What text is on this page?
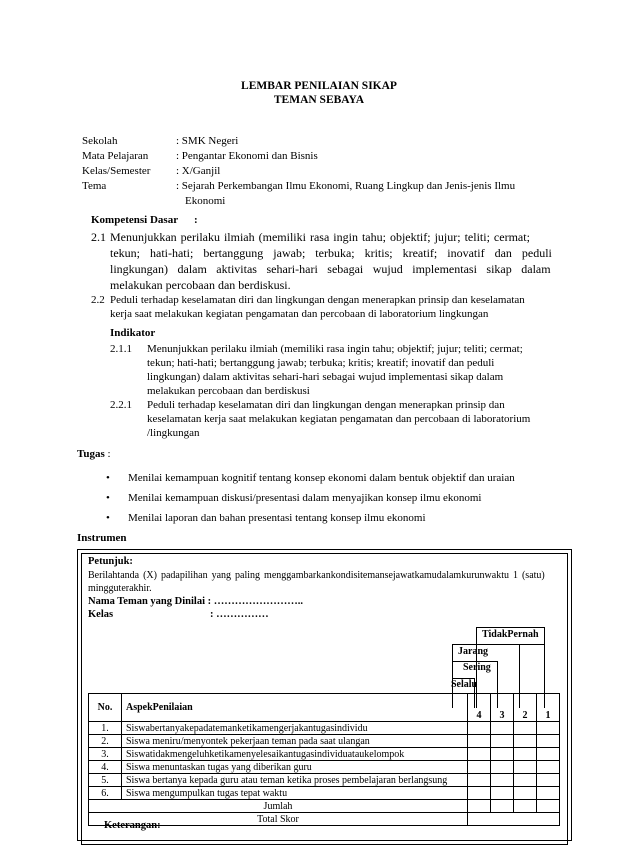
LEMBAR PENILAIAN SIKAP
TEMAN SEBAYA
Sekolah	: SMK Negeri
Mata Pelajaran	: Pengantar Ekonomi dan Bisnis
Kelas/Semester : X/Ganjil
Tema	: Sejarah Perkembangan Ilmu Ekonomi, Ruang Lingkup dan Jenis-jenis Ilmu
Ekonomi
Kompetensi Dasar :
2.1 Menunjukkan perilaku ilmiah (memiliki rasa ingin tahu; objektif; jujur; teliti; cermat;
tekun; hati-hati; bertanggung jawab; terbuka; kritis; kreatif; inovatif dan peduli
lingkungan) dalam aktivitas sehari-hari sebagai wujud implementasi sikap dalam
melakukan percobaan dan berdiskusi.
2.2 Peduli terhadap keselamatan diri dan lingkungan dengan menerapkan prinsip dan keselamatan
kerja saat melakukan kegiatan pengamatan dan percobaan di laboratorium lingkungan
Indikator
2.1.1 Menunjukkan perilaku ilmiah (memiliki rasa ingin tahu; objektif; jujur; teliti; cermat;
tekun; hati-hati; bertanggung jawab; terbuka; kritis; kreatif; inovatif dan peduli
lingkungan) dalam aktivitas sehari-hari sebagai wujud implementasi sikap dalam
melakukan percobaan dan berdiskusi
2.2.1 Peduli terhadap keselamatan diri dan lingkungan dengan menerapkan prinsip dan
keselamatan kerja saat melakukan kegiatan pengamatan dan percobaan di laboratorium
/lingkungan
Tugas :
• Menilai kemampuan kognitif tentang konsep ekonomi dalam bentuk objektif dan uraian
• Menilai kemampuan diskusi/presentasi dalam menyajikan konsep ilmu ekonomi
• Menilai laporan dan bahan presentasi tentang konsep ilmu ekonomi
Instrumen
Petunjuk:
Berilahtanda (X) padapilihan yang paling menggambarkankondisitemansejawatkamudalamkurunwaktu 1 (satu)
mingguterakhir.
Nama Teman yang Dinilai : ……………………..
Kelas	: ……………
TidakPernah
Jarang
Sering
Selalu
No.	AspekPenilaian	4	3	2	1
1.	Siswabertanyakepadatemanketikamengerjakantugasindividu				
2.	Siswa meniru/menyontek pekerjaan teman pada saat ulangan				
3.	Siswatidakmengeluhketikamenyelesaikantugasindividuataukelompok				
4.	Siswa menuntaskan tugas yang diberikan guru				
5.	Siswa bertanya kepada guru atau teman ketika proses pembelajaran berlangsung				
6.	Siswa mengumpulkan tugas tepat waktu				
Jumlah					
Total Skor					
Keterangan:
